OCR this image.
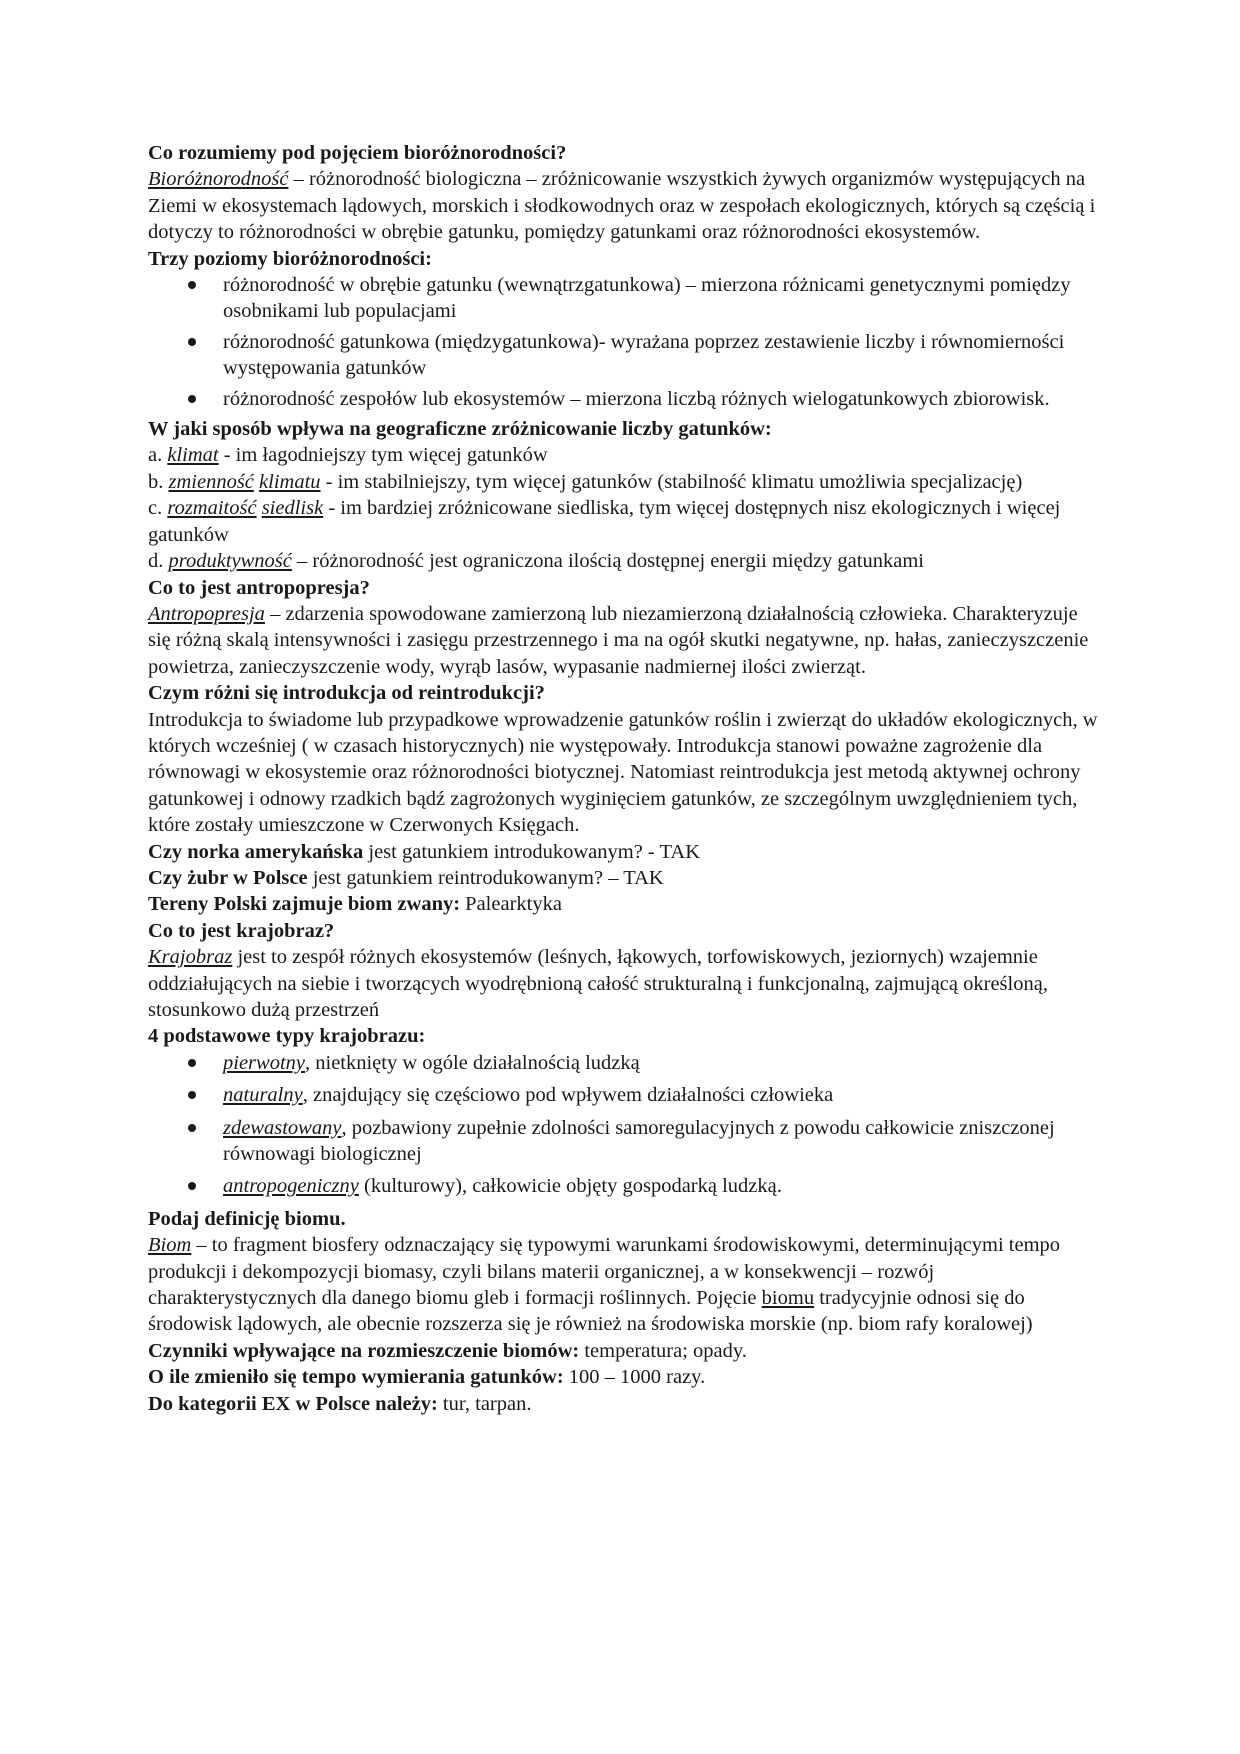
Co rozumiemy pod pojęciem bioróżnorodności?

Bioróżnorodność – różnorodność biologiczna – zróżnicowanie wszystkich żywych organizmów występujących na Ziemi w ekosystemach lądowych, morskich i słodkowodnych oraz w zespołach ekologicznych, których są częścią i dotyczy to różnorodności w obrębie gatunku, pomiędzy gatunkami oraz różnorodności ekosystemów.

Trzy poziomy bioróżnorodności:

różnorodność w obrębie gatunku (wewnątrzgatunkowa) – mierzona różnicami genetycznymi pomiędzy osobnikami lub populacjami
różnorodność gatunkowa (międzygatunkowa)- wyrażana poprzez zestawienie liczby i równomierności występowania gatunków
różnorodność zespołów lub ekosystemów – mierzona liczbą różnych wielogatunkowych zbiorowisk.

W jaki sposób wpływa na geograficzne zróżnicowanie liczby gatunków:

a. klimat - im łagodniejszy tym więcej gatunków

b. zmienność klimatu - im stabilniejszy, tym więcej gatunków (stabilność klimatu umożliwia specjalizację)

c. rozmaitość siedlisk - im bardziej zróżnicowane siedliska, tym więcej dostępnych nisz ekologicznych i więcej gatunków

d. produktywność – różnorodność jest ograniczona ilością dostępnej energii między gatunkami

Co to jest antropopresja?

Antropopresja – zdarzenia spowodowane zamierzoną lub niezamierzoną działalnością człowieka. Charakteryzuje się różną skalą intensywności i zasięgu przestrzennego i ma na ogół skutki negatywne, np. hałas, zanieczyszczenie powietrza, zanieczyszczenie wody, wyrąb lasów, wypasanie nadmiernej ilości zwierząt.

Czym różni się introdukcja od reintrodukcji?

Introdukcja to świadome lub przypadkowe wprowadzenie gatunków roślin i zwierząt do układów ekologicznych, w których wcześniej ( w czasach historycznych) nie występowały. Introdukcja stanowi poważne zagrożenie dla równowagi w ekosystemie oraz różnorodności biotycznej. Natomiast reintrodukcja jest metodą aktywnej ochrony gatunkowej i odnowy rzadkich bądź zagrożonych wyginięciem gatunków, ze szczególnym uwzględnieniem tych, które zostały umieszczone w Czerwonych Księgach.

Czy norka amerykańska jest gatunkiem introdukowanym? - TAK

Czy żubr w Polsce jest gatunkiem reintrodukowanym? – TAK

Tereny Polski zajmuje biom zwany: Palearktyka

Co to jest krajobraz?

Krajobraz jest to zespół różnych ekosystemów (leśnych, łąkowych, torfowiskowych, jeziornych) wzajemnie oddziałujących na siebie i tworzących wyodrębnioną całość strukturalną i funkcjonalną, zajmującą określoną, stosunkowo dużą przestrzeń

4 podstawowe typy krajobrazu:

pierwotny, nietknięty w ogóle działalnością ludzką
naturalny, znajdujący się częściowo pod wpływem działalności człowieka
zdewastowany, pozbawiony zupełnie zdolności samoregulacyjnych z powodu całkowicie zniszczonej równowagi biologicznej
antropogeniczny (kulturowy), całkowicie objęty gospodarką ludzką.

Podaj definicję biomu.

Biom – to fragment biosfery odznaczający się typowymi warunkami środowiskowymi, determinującymi tempo produkcji i dekompozycji biomasy, czyli bilans materii organicznej, a w konsekwencji – rozwój charakterystycznych dla danego biomu gleb i formacji roślinnych. Pojęcie biomu tradycyjnie odnosi się do środowisk lądowych, ale obecnie rozszerza się je również na środowiska morskie (np. biom rafy koralowej)

Czynniki wpływające na rozmieszczenie biomów: temperatura; opady.

O ile zmieniło się tempo wymierania gatunków: 100 – 1000 razy.

Do kategorii EX w Polsce należy: tur, tarpan.
